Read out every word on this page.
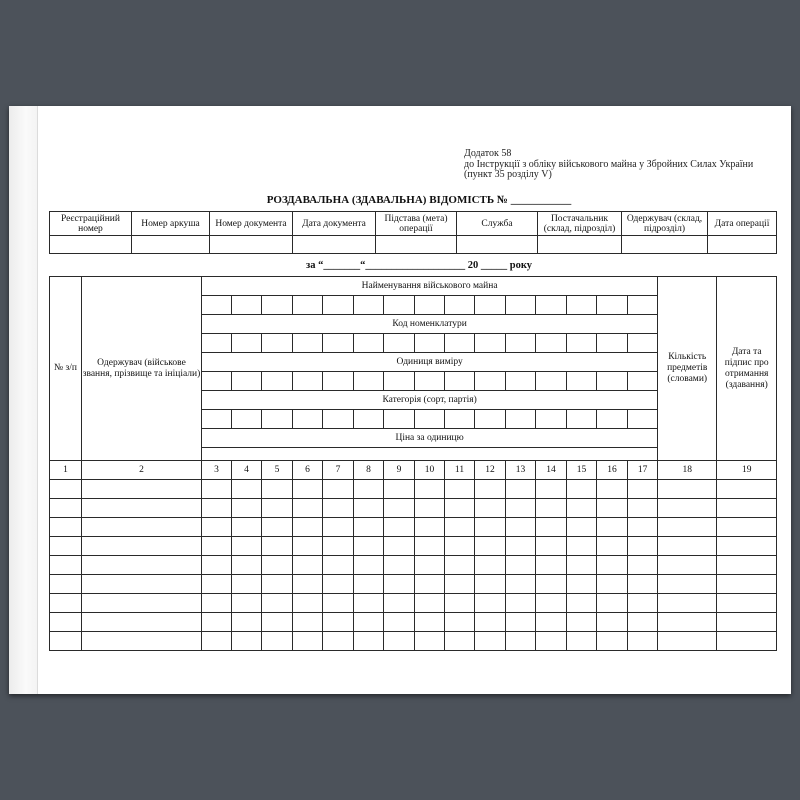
Додаток 58
до Інструкції з обліку військового майна у Збройних Силах України
(пункт 35 розділу V)
РОЗДАВАЛЬНА (ЗДАВАЛЬНА) ВІДОМІСТЬ № ___________
Реєстраційний номер	Номер аркуша	Номер документа	Дата документа	Підстава (мета) операції	Служба	Постачальник (склад, підрозділ)	Одержувач (склад, підрозділ)	Дата операції

за “_______“___________________ 20 _____ року
№ з/п	Одержувач (військове звання, прізвище та ініціали)	Найменування військового майна															Кількість предметів (словами)	Дата та підпис про отримання (здавання)

		Код номенклатури																

		Одиниця виміру																

		Категорія (сорт, партія)																

		Ціна за одиницю																

1	2	3	4	5	6	7	8	9	10	11	12	13	14	15	16	17	18	19
